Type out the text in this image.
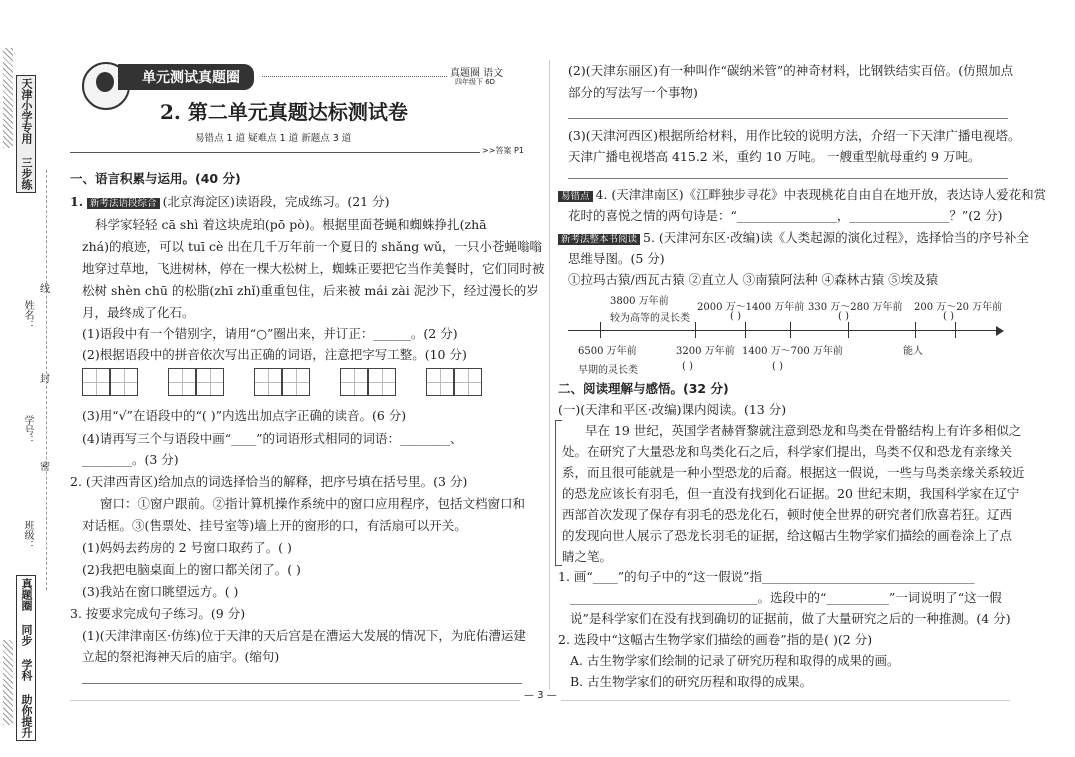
天津小学专用 三步练
姓名：
学号：
班级：
线
封
密
真题圈 同步 学科 助你提升
单元测试真题圈	真题圈 语文
四年级下 6D
2. 第二单元真题达标测试卷
易错点 1 道 疑难点 1 道 新题点 3 道
>>答案 P1
一、语言积累与运用。(40 分)
1. 新考法语段综合 (北京海淀区)读语段，完成练习。(21 分)
科学家轻轻 cā shì 着这块虎珀(pō pò)。根据里面苍蝇和蜘蛛挣扎(zhā
zhá)的痕迹，可以 tuī cè 出在几千万年前一个夏日的 shǎng wǔ，一只小苍蝇嗡嗡
地穿过草地，飞进树林，停在一棵大松树上，蜘蛛正要把它当作美餐时，它们同时被
松树 shèn chū 的松脂(zhī zhǐ)重重包住，后来被 mái zài 泥沙下，经过漫长的岁
月，最终成了化石。
(1)语段中有一个错别字，请用“○”圈出来，并订正：______。(2 分)
(2)根据语段中的拼音依次写出正确的词语，注意把字写工整。(10 分)
(3)用“√”在语段中的“( )”内选出加点字正确的读音。(6 分)
(4)请再写三个与语段中画“____”的词语形式相同的词语：________、
________。(3 分)
2. (天津西青区)给加点的词选择恰当的解释，把序号填在括号里。(3 分)
窗口：①窗户跟前。②指计算机操作系统中的窗口应用程序，包括文档窗口和
对话框。③(售票处、挂号室等)墙上开的窗形的口，有活扇可以开关。
(1)妈妈去药房的 2 号窗口取药了。( )
(2)我把电脑桌面上的窗口都关闭了。( )
(3)我站在窗口眺望远方。( )
3. 按要求完成句子练习。(9 分)
(1)(天津津南区·仿练)位于天津的天后宫是在漕运大发展的情况下，为庇佑漕运建
立起的祭祀海神天后的庙宇。(缩句)
(2)(天津东丽区)有一种叫作“碳纳米管”的神奇材料，比钢铁结实百倍。(仿照加点
部分的写法写一个事物)
(3)(天津河西区)根据所给材料，用作比较的说明方法，介绍一下天津广播电视塔。
天津广播电视塔高 415.2 米，重约 10 万吨。 一艘重型航母重约 9 万吨。
易错点 4. (天津津南区)《江畔独步寻花》中表现桃花自由自在地开放，表达诗人爱花和赏
花时的喜悦之情的两句诗是：“________________，________________？”(2 分)
新考法整本书阅读 5. (天津河东区·改编)读《人类起源的演化过程》，选择恰当的序号补全
思维导图。(5 分)
①拉玛古猿/西瓦古猿 ②直立人 ③南猿阿法种 ④森林古猿 ⑤埃及猿
3800 万年前
较为高等的灵长类
2000 万～1400 万年前 330 万～280 万年前 200 万～20 万年前
( )	( )	( )
6500 万年前
早期的灵长类
3200 万年前 1400 万～700 万年前	能人
( )	( )
二、阅读理解与感悟。(32 分)
(一)(天津和平区·改编)课内阅读。(13 分)
早在 19 世纪，英国学者赫胥黎就注意到恐龙和鸟类在骨骼结构上有许多相似之
处。在研究了大量恐龙和鸟类化石之后，科学家们提出，鸟类不仅和恐龙有亲缘关
系，而且很可能就是一种小型恐龙的后裔。根据这一假说，一些与鸟类亲缘关系较近
的恐龙应该长有羽毛，但一直没有找到化石证据。20 世纪末期，我国科学家在辽宁
西部首次发现了保存有羽毛的恐龙化石，顿时使全世界的研究者们欣喜若狂。辽西
的发现向世人展示了恐龙长羽毛的证据，给这幅古生物学家们描绘的画卷涂上了点
睛之笔。
1. 画“____”的句子中的“这一假说”指__________________________________
______________________________。选段中的“__________”一词说明了“这一假
说”是科学家们在没有找到确切的证据前，做了大量研究之后的一种推测。(4 分)
2. 选段中“这幅古生物学家们描绘的画卷”指的是( )(2 分)
A. 古生物学家们绘制的记录了研究历程和取得的成果的画。
B. 古生物学家们的研究历程和取得的成果。
— 3 —
